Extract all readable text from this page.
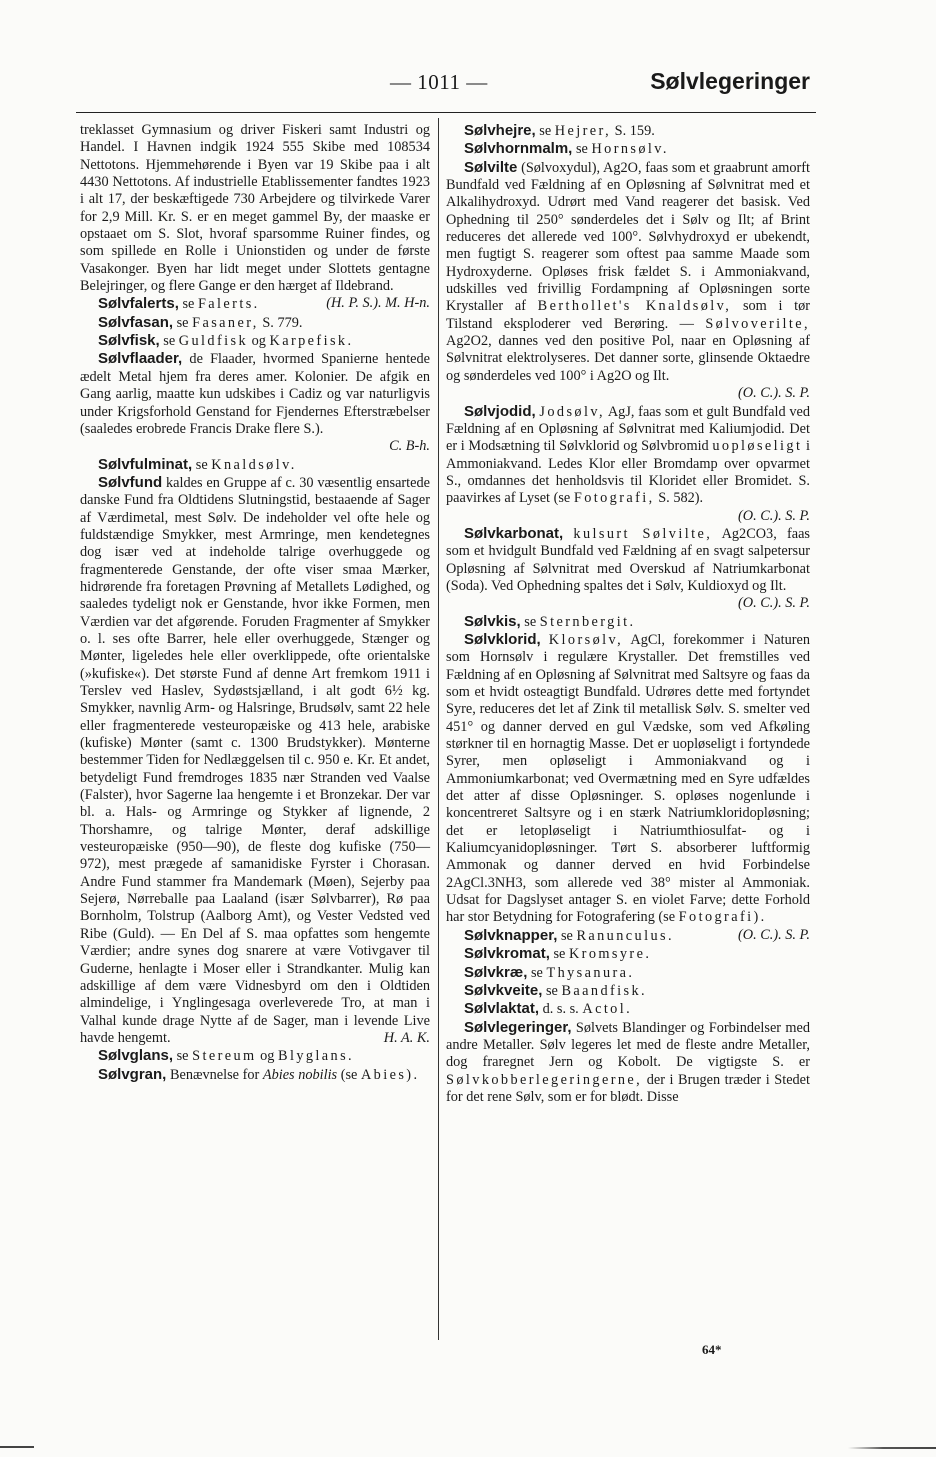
— 1011 —	Sølvlegeringer

treklasset Gymnasium og driver Fiskeri samt Industri og Handel. I Havnen indgik 1924 555 Skibe med 108534 Nettotons. Hjemmehørende i Byen var 19 Skibe paa i alt 4430 Nettotons. Af industrielle Etablissementer fandtes 1923 i alt 17, der beskæftigede 730 Arbejdere og tilvirkede Varer for 2,9 Mill. Kr. S. er en meget gammel By, der maaske er opstaaet om S. Slot, hvoraf sparsomme Ruiner findes, og som spillede en Rolle i Unionstiden og under de første Vasakonger. Byen har lidt meget under Slottets gentagne Belejringer, og flere Gange er den hærget af Ildebrand.
(H. P. S.). M. H-n.

Sølvfalerts, se Falerts.

Sølvfasan, se Fasaner, S. 779.

Sølvfisk, se Guldfisk og Karpefisk.

Sølvflaader, de Flaader, hvormed Spanierne hentede ædelt Metal hjem fra deres amer. Kolonier. De afgik en Gang aarlig, maatte kun udskibes i Cadiz og var naturligvis under Krigsforhold Genstand for Fjendernes Efterstræbelser (saaledes erobrede Francis Drake flere S.).

C. B-h.

Sølvfulminat, se Knaldsølv.

Sølvfund kaldes en Gruppe af c. 30 væsentlig ensartede danske Fund fra Oldtidens Slutningstid, bestaaende af Sager af Værdimetal, mest Sølv. De indeholder vel ofte hele og fuldstændige Smykker, mest Armringe, men kendetegnes dog især ved at indeholde talrige overhuggede og fragmenterede Genstande, der ofte viser smaa Mærker, hidrørende fra foretagen Prøvning af Metallets Lødighed, og saaledes tydeligt nok er Genstande, hvor ikke Formen, men Værdien var det afgørende. Foruden Fragmenter af Smykker o. l. ses ofte Barrer, hele eller overhuggede, Stænger og Mønter, ligeledes hele eller overklippede, ofte orientalske (»kufiske«). Det største Fund af denne Art fremkom 1911 i Terslev ved Haslev, Sydøstsjælland, i alt godt 6½ kg. Smykker, navnlig Arm- og Halsringe, Brudsølv, samt 22 hele eller fragmenterede vesteuropæiske og 413 hele, arabiske (kufiske) Mønter (samt c. 1300 Brudstykker). Mønterne bestemmer Tiden for Nedlæggelsen til c. 950 e. Kr. Et andet, betydeligt Fund fremdroges 1835 nær Stranden ved Vaalse (Falster), hvor Sagerne laa hengemte i et Bronzekar. Der var bl. a. Hals- og Armringe og Stykker af lignende, 2 Thorshamre, og talrige Mønter, deraf adskillige vesteuropæiske (950—90), de fleste dog kufiske (750—972), mest prægede af samanidiske Fyrster i Chorasan. Andre Fund stammer fra Mandemark (Møen), Sejerby paa Sejerø, Nørreballe paa Laaland (især Sølvbarrer), Rø paa Bornholm, Tolstrup (Aalborg Amt), og Vester Vedsted ved Ribe (Guld). — En Del af S. maa opfattes som hengemte Værdier; andre synes dog snarere at være Votivgaver til Guderne, henlagte i Moser eller i Strandkanter. Mulig kan adskillige af dem være Vidnesbyrd om den i Oldtiden almindelige, i Ynglingesaga overleverede Tro, at man i Valhal kunde drage Nytte af de Sager, man i levende Live havde hengemt.	H. A. K.

Sølvglans, se Stereum og Blyglans.

Sølvgran, Benævnelse for Abies nobilis (se Abies).

Sølvhejre, se Hejrer, S. 159.

Sølvhornmalm, se Hornsølv.

Sølvilte (Sølvoxydul), Ag2O, faas som et graabrunt amorft Bundfald ved Fældning af en Opløsning af Sølvnitrat med et Alkalihydroxyd. Udrørt med Vand reagerer det basisk. Ved Ophedning til 250° sønderdeles det i Sølv og Ilt; af Brint reduceres det allerede ved 100°. Sølvhydroxyd er ubekendt, men fugtigt S. reagerer som oftest paa samme Maade som Hydroxyderne. Opløses frisk fældet S. i Ammoniakvand, udskilles ved frivillig Fordampning af Opløsningen sorte Krystaller af Berthollet's Knaldsølv, som i tør Tilstand eksploderer ved Berøring. — Sølvoverilte, Ag2O2, dannes ved den positive Pol, naar en Opløsning af Sølvnitrat elektrolyseres. Det danner sorte, glinsende Oktaedre og sønderdeles ved 100° i Ag2O og Ilt.

(O. C.). S. P.

Sølvjodid, Jodsølv, AgJ, faas som et gult Bundfald ved Fældning af en Opløsning af Sølvnitrat med Kaliumjodid. Det er i Modsætning til Sølvklorid og Sølvbromid uopløseligt i Ammoniakvand. Ledes Klor eller Bromdamp over opvarmet S., omdannes det henholdsvis til Kloridet eller Bromidet. S. paavirkes af Lyset (se Fotografi, S. 582).

(O. C.). S. P.

Sølvkarbonat, kulsurt Sølvilte, Ag2CO3, faas som et hvidgult Bundfald ved Fældning af en svagt salpetersur Opløsning af Sølvnitrat med Overskud af Natriumkarbonat (Soda). Ved Ophedning spaltes det i Sølv, Kuldioxyd og Ilt.

(O. C.). S. P.

Sølvkis, se Sternbergit.

Sølvklorid, Klorsølv, AgCl, forekommer i Naturen som Hornsølv i regulære Krystaller. Det fremstilles ved Fældning af en Opløsning af Sølvnitrat med Saltsyre og faas da som et hvidt osteagtigt Bundfald. Udrøres dette med fortyndet Syre, reduceres det let af Zink til metallisk Sølv. S. smelter ved 451° og danner derved en gul Vædske, som ved Afkøling størkner til en hornagtig Masse. Det er uopløseligt i fortyndede Syrer, men opløseligt i Ammoniakvand og i Ammoniumkarbonat; ved Overmætning med en Syre udfældes det atter af disse Opløsninger. S. opløses nogenlunde i koncentreret Saltsyre og i en stærk Natriumkloridopløsning; det er letopløseligt i Natriumthiosulfat- og i Kaliumcyanidopløsninger. Tørt S. absorberer luftformig Ammonak og danner derved en hvid Forbindelse 2AgCl.3NH3, som allerede ved 38° mister al Ammoniak. Udsat for Dagslyset antager S. en violet Farve; dette Forhold har stor Betydning for Fotografering (se Fotografi).
(O. C.). S. P.

Sølvknapper, se Ranunculus.

Sølvkromat, se Kromsyre.

Sølvkræ, se Thysanura.

Sølvkveite, se Baandfisk.

Sølvlaktat, d. s. s. Actol.

Sølvlegeringer, Sølvets Blandinger og Forbindelser med andre Metaller. Sølv legeres let med de fleste andre Metaller, dog fraregnet Jern og Kobolt. De vigtigste S. er Sølvkobberlegeringerne, der i Brugen træder i Stedet for det rene Sølv, som er for blødt. Disse

64*
